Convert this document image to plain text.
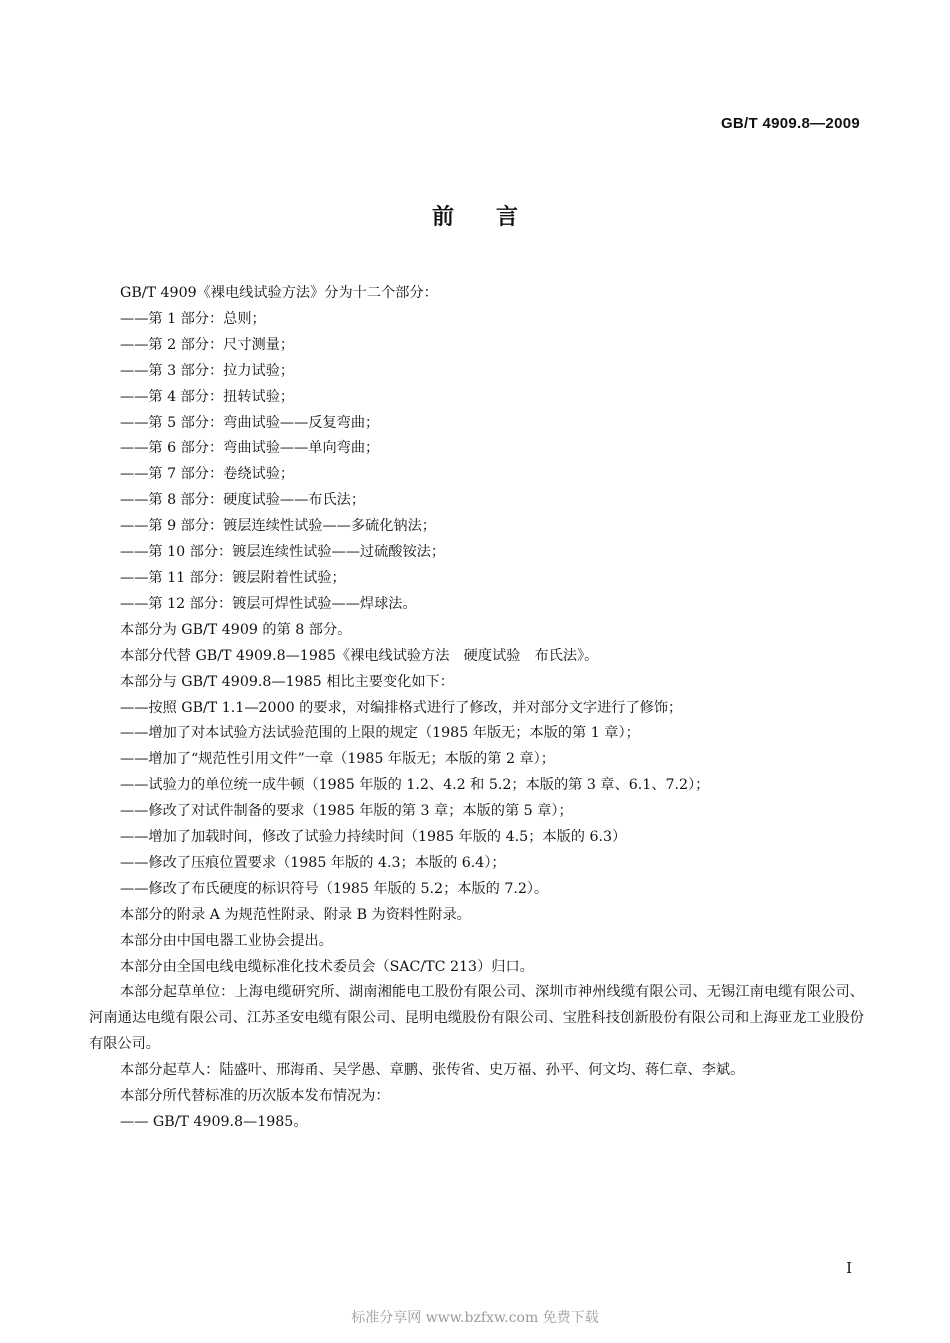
GB/T 4909.8—2009
前言

GB/T 4909《裸电线试验方法》分为十二个部分：

——第 1 部分：总则；

——第 2 部分：尺寸测量；

——第 3 部分：拉力试验；

——第 4 部分：扭转试验；

——第 5 部分：弯曲试验——反复弯曲；

——第 6 部分：弯曲试验——单向弯曲；

——第 7 部分：卷绕试验；

——第 8 部分：硬度试验——布氏法；

——第 9 部分：镀层连续性试验——多硫化钠法；

——第 10 部分：镀层连续性试验——过硫酸铵法；

——第 11 部分：镀层附着性试验；

——第 12 部分：镀层可焊性试验——焊球法。

本部分为 GB/T 4909 的第 8 部分。

本部分代替 GB/T 4909.8—1985《裸电线试验方法　硬度试验　布氏法》。

本部分与 GB/T 4909.8—1985 相比主要变化如下：

——按照 GB/T 1.1—2000 的要求，对编排格式进行了修改，并对部分文字进行了修饰；

——增加了对本试验方法试验范围的上限的规定（1985 年版无；本版的第 1 章）；

——增加了“规范性引用文件”一章（1985 年版无；本版的第 2 章）；

——试验力的单位统一成牛顿（1985 年版的 1.2、4.2 和 5.2；本版的第 3 章、6.1、7.2）；

——修改了对试件制备的要求（1985 年版的第 3 章；本版的第 5 章）；

——增加了加载时间，修改了试验力持续时间（1985 年版的 4.5；本版的 6.3）

——修改了压痕位置要求（1985 年版的 4.3；本版的 6.4）；

——修改了布氏硬度的标识符号（1985 年版的 5.2；本版的 7.2）。

本部分的附录 A 为规范性附录、附录 B 为资料性附录。

本部分由中国电器工业协会提出。

本部分由全国电线电缆标准化技术委员会（SAC/TC 213）归口。

本部分起草单位：上海电缆研究所、湖南湘能电工股份有限公司、深圳市神州线缆有限公司、无锡江南电缆有限公司、河南通达电缆有限公司、江苏圣安电缆有限公司、昆明电缆股份有限公司、宝胜科技创新股份有限公司和上海亚龙工业股份有限公司。

本部分起草人：陆盛叶、邢海甬、吴学愚、章鹏、张传省、史万福、孙平、何文均、蒋仁章、李斌。

本部分所代替标准的历次版本发布情况为：

—— GB/T 4909.8—1985。

I
标准分享网 www.bzfxw.com 免费下载
